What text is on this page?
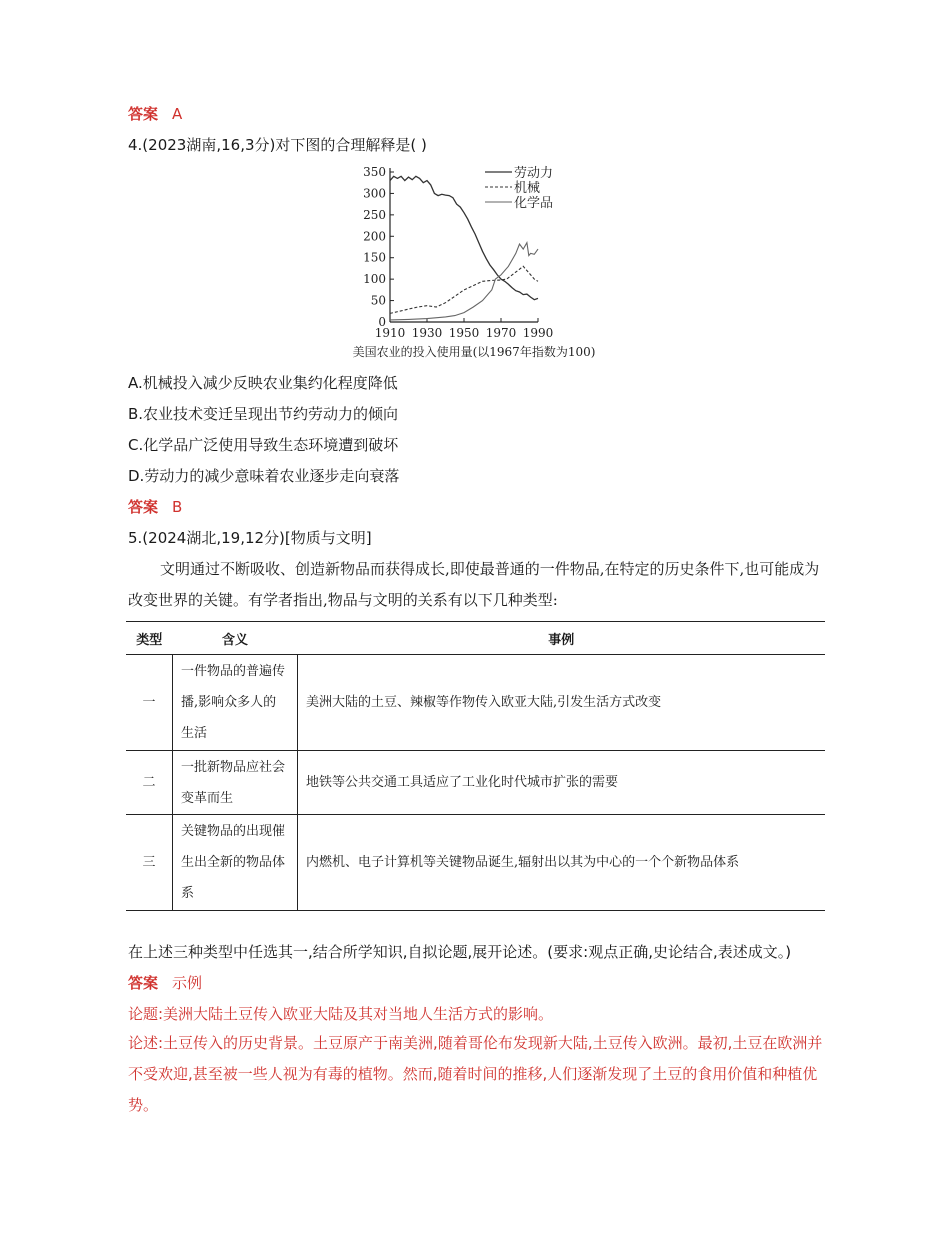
答案 A
4.(2023湖南,16,3分)对下图的合理解释是( )
0
50
100
150
200
250
300
350
1910 1930 1950 1970 1990
劳动力
机械
化学品
美国农业的投入使用量(以1967年指数为100)
A.机械投入减少反映农业集约化程度降低
B.农业技术变迁呈现出节约劳动力的倾向
C.化学品广泛使用导致生态环境遭到破坏
D.劳动力的减少意味着农业逐步走向衰落
答案 B
5.(2024湖北,19,12分)[物质与文明]
文明通过不断吸收、创造新物品而获得成长,即使最普通的一件物品,在特定的历史条件下,也可能成为改变世界的关键。有学者指出,物品与文明的关系有以下几种类型:
类型	含义	事例
一	一件物品的普遍传播,影响众多人的生活	美洲大陆的土豆、辣椒等作物传入欧亚大陆,引发生活方式改变
二	一批新物品应社会变革而生	地铁等公共交通工具适应了工业化时代城市扩张的需要
三	关键物品的出现催生出全新的物品体系	内燃机、电子计算机等关键物品诞生,辐射出以其为中心的一个个新物品体系
在上述三种类型中任选其一,结合所学知识,自拟论题,展开论述。(要求:观点正确,史论结合,表述成文。)
答案 示例
论题:美洲大陆土豆传入欧亚大陆及其对当地人生活方式的影响。
论述:土豆传入的历史背景。土豆原产于南美洲,随着哥伦布发现新大陆,土豆传入欧洲。最初,土豆在欧洲并不受欢迎,甚至被一些人视为有毒的植物。然而,随着时间的推移,人们逐渐发现了土豆的食用价值和种植优势。
